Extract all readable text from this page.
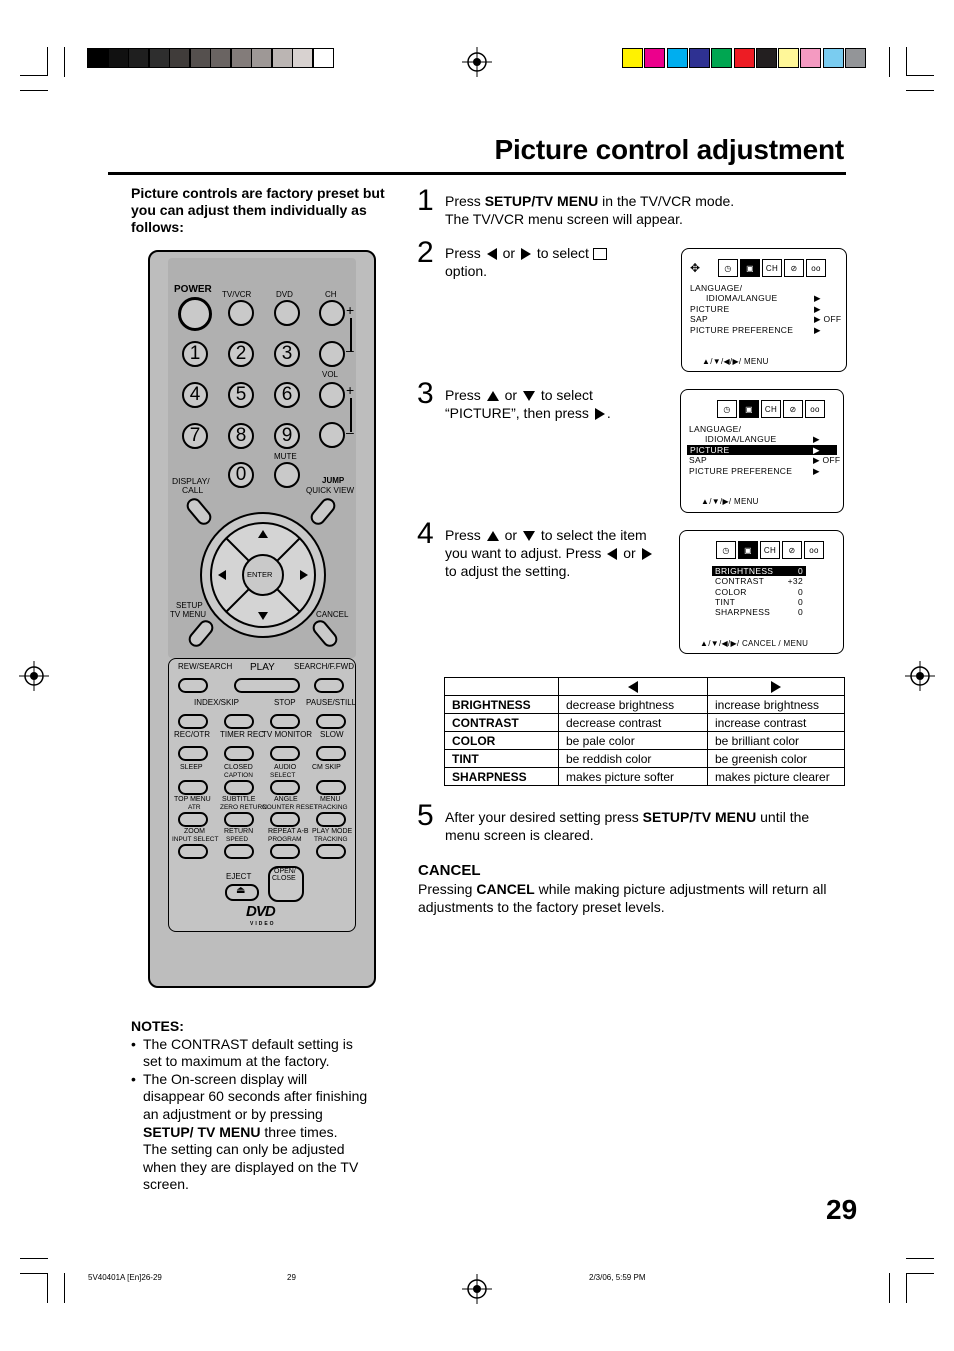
Picture control adjustment
Picture controls are factory preset but you can adjust them individually as follows:
POWER TV/VCR	DVD	CH
+
–
VOL
+
–
1 2 3
4 5 6
7 8 9
0
MUTE
DISPLAY/
CALL
JUMP
QUICK VIEW
ENTER
SETUP
TV MENU	CANCEL
REW/SEARCH PLAY SEARCH/F.FWD
INDEX/SKIP	STOP PAUSE/STILL
REC/OTR TIMER REC
TV MONITOR SLOW
SLEEP	CLOSED	AUDIO CM SKIP
CAPTION	SELECT
TOP MENU SUBTITLE	ANGLE	MENU
ATR	ZERO RETURN
COUNTER RESET
TRACKING
ZOOM	RETURN REPEAT A-B PLAY MODE
INPUT SELECT SPEED	PROGRAM TRACKING
EJECT
⏏
OPEN/
CLOSE
DVD
VIDEO
1 Press SETUP/TV MENU in the TV/VCR mode.
The TV/VCR menu screen will appear.
2 Press or to select
option.
3 Press or to select
“PICTURE”, then press .
4 Press or to select the item
you want to adjust. Press or
to adjust the setting.
✥	◷	▣	CH	⊘	oo
LANGUAGE/
IDIOMA/LANGUE
PICTURE
SAP
PICTURE PREFERENCE
▶
▶
▶ OFF
▶
▲/▼/◀/▶/ MENU
◷	▣	CH	⊘	oo
LANGUAGE/
IDIOMA/LANGUE
PICTURE
SAP
PICTURE PREFERENCE
▶
▶
▶ OFF
▶
▲/▼/▶/ MENU
◷	▣	CH	⊘	oo
BRIGHTNESS	0
CONTRAST	+32
COLOR	0
TINT	0
SHARPNESS	0
▲/▼/◀/▶/ CANCEL / MENU

BRIGHTNESS	decrease brightness	increase brightness
CONTRAST	decrease contrast	increase contrast
COLOR	be pale color	be brilliant color
TINT	be reddish color	be greenish color
SHARPNESS	makes picture softer	makes picture clearer
5 After your desired setting press SETUP/TV MENU until the
menu screen is cleared.
CANCEL
Pressing CANCEL while making picture adjustments will return all adjustments to the factory preset levels.
NOTES:
• The CONTRAST default setting is set to maximum at the factory.
• The On-screen display will disappear 60 seconds after finishing an adjustment or by pressing SETUP/ TV MENU three times.
The setting can only be adjusted when they are displayed on the TV screen.
29
5V40401A [En]26-29	29	2/3/06, 5:59 PM
